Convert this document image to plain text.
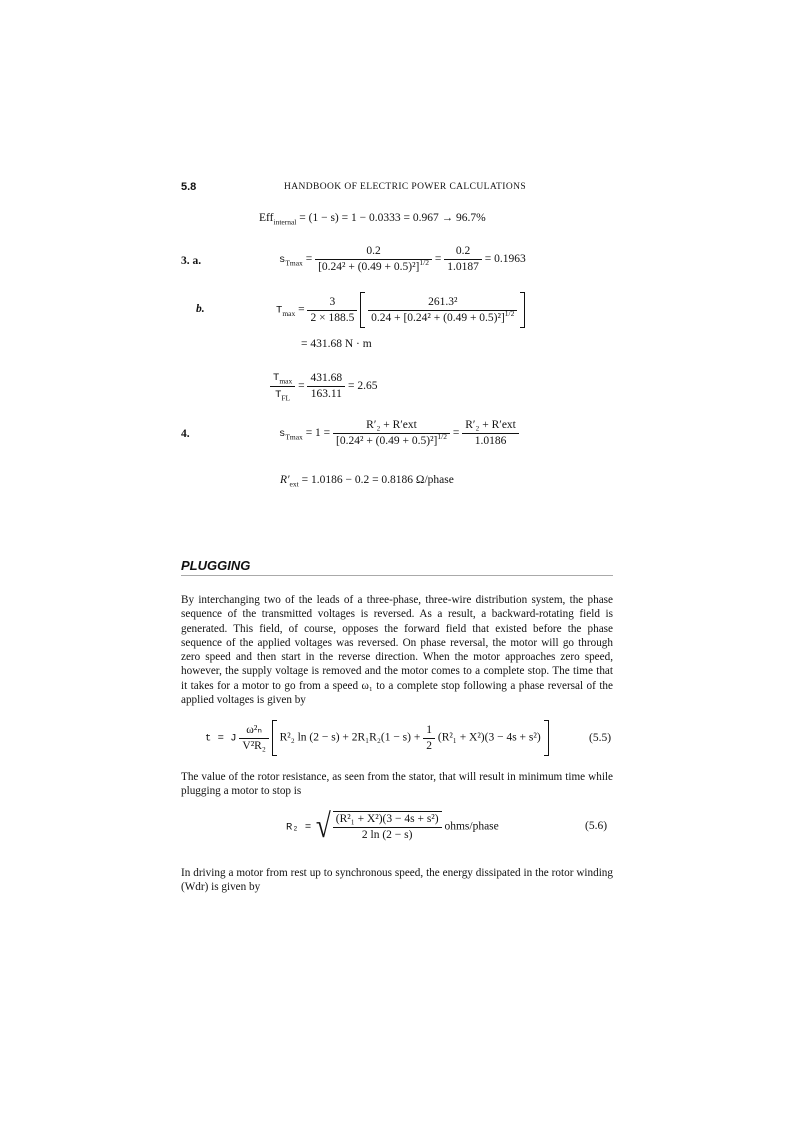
5.8	HANDBOOK OF ELECTRIC POWER CALCULATIONS
Eff$_{internal}$ = (1 − s) = 1 − 0.0333 = 0.967 → 96.7%
3. a.	$s_{Tmax} = \frac{0.2}{[0.24^2 + (0.49 + 0.5)^2]^{1/2}} = \frac{0.2}{1.0187} = 0.1963$
b.	$T_{max} = \frac{3}{2 \times 188.5}$
$\frac{\text{261.3²}}{0.24 + [0.24^2 + (0.49 + 0.5)^2]^{1/2}}$

= 431.68 N · m
$\frac{T_{max}}{T_{FL}} = \frac{431.68}{163.11} = 2.65$
4.	$s_{Tmax} = 1 = \frac{\text{R′₂ + R′ext}}{[0.24^2 + (0.49 + 0.5)^2]^{1/2}} = \frac{\text{R′₂ + R′ext}}{1.0186}$
$R'_{ext} = 1.0186 - 0.2 = 0.8186$ Ω/phase
PLUGGING
By interchanging two of the leads of a three-phase, three-wire distribution system, the phase sequence of the transmitted voltages is reversed. As a result, a backward-rotating field is generated. This field, of course, opposes the forward field that existed before the phase sequence of the applied voltages was reversed. On phase reversal, the motor will go through zero speed and then start in the reverse direction. When the motor approaches zero speed, however, the supply voltage is removed and the motor comes to a complete stop. The time that it takes for a motor to go from a speed ω₁ to a complete stop following a phase reversal of the applied voltages is given by
t = J $\frac{\text{ω²ₙ}}{\text{V²R₂}} R^2_2$ $\ln (2 - s) + 2R_1R_2(1 - s) + \frac{1}{2} (R^2_1 + X^2)(3 - 4s + s^2)$	(5.5)
The value of the rotor resistance, as seen from the stator, that will result in minimum time while plugging a motor to stop is
R₂ = √ $\frac{\text{(R²₁ + X²)(3 − 4s + s²)}}{2 \ln (2 - s)}$ ohms/phase	(5.6)
In driving a motor from rest up to synchronous speed, the energy dissipated in the rotor winding (Wdr) is given by
